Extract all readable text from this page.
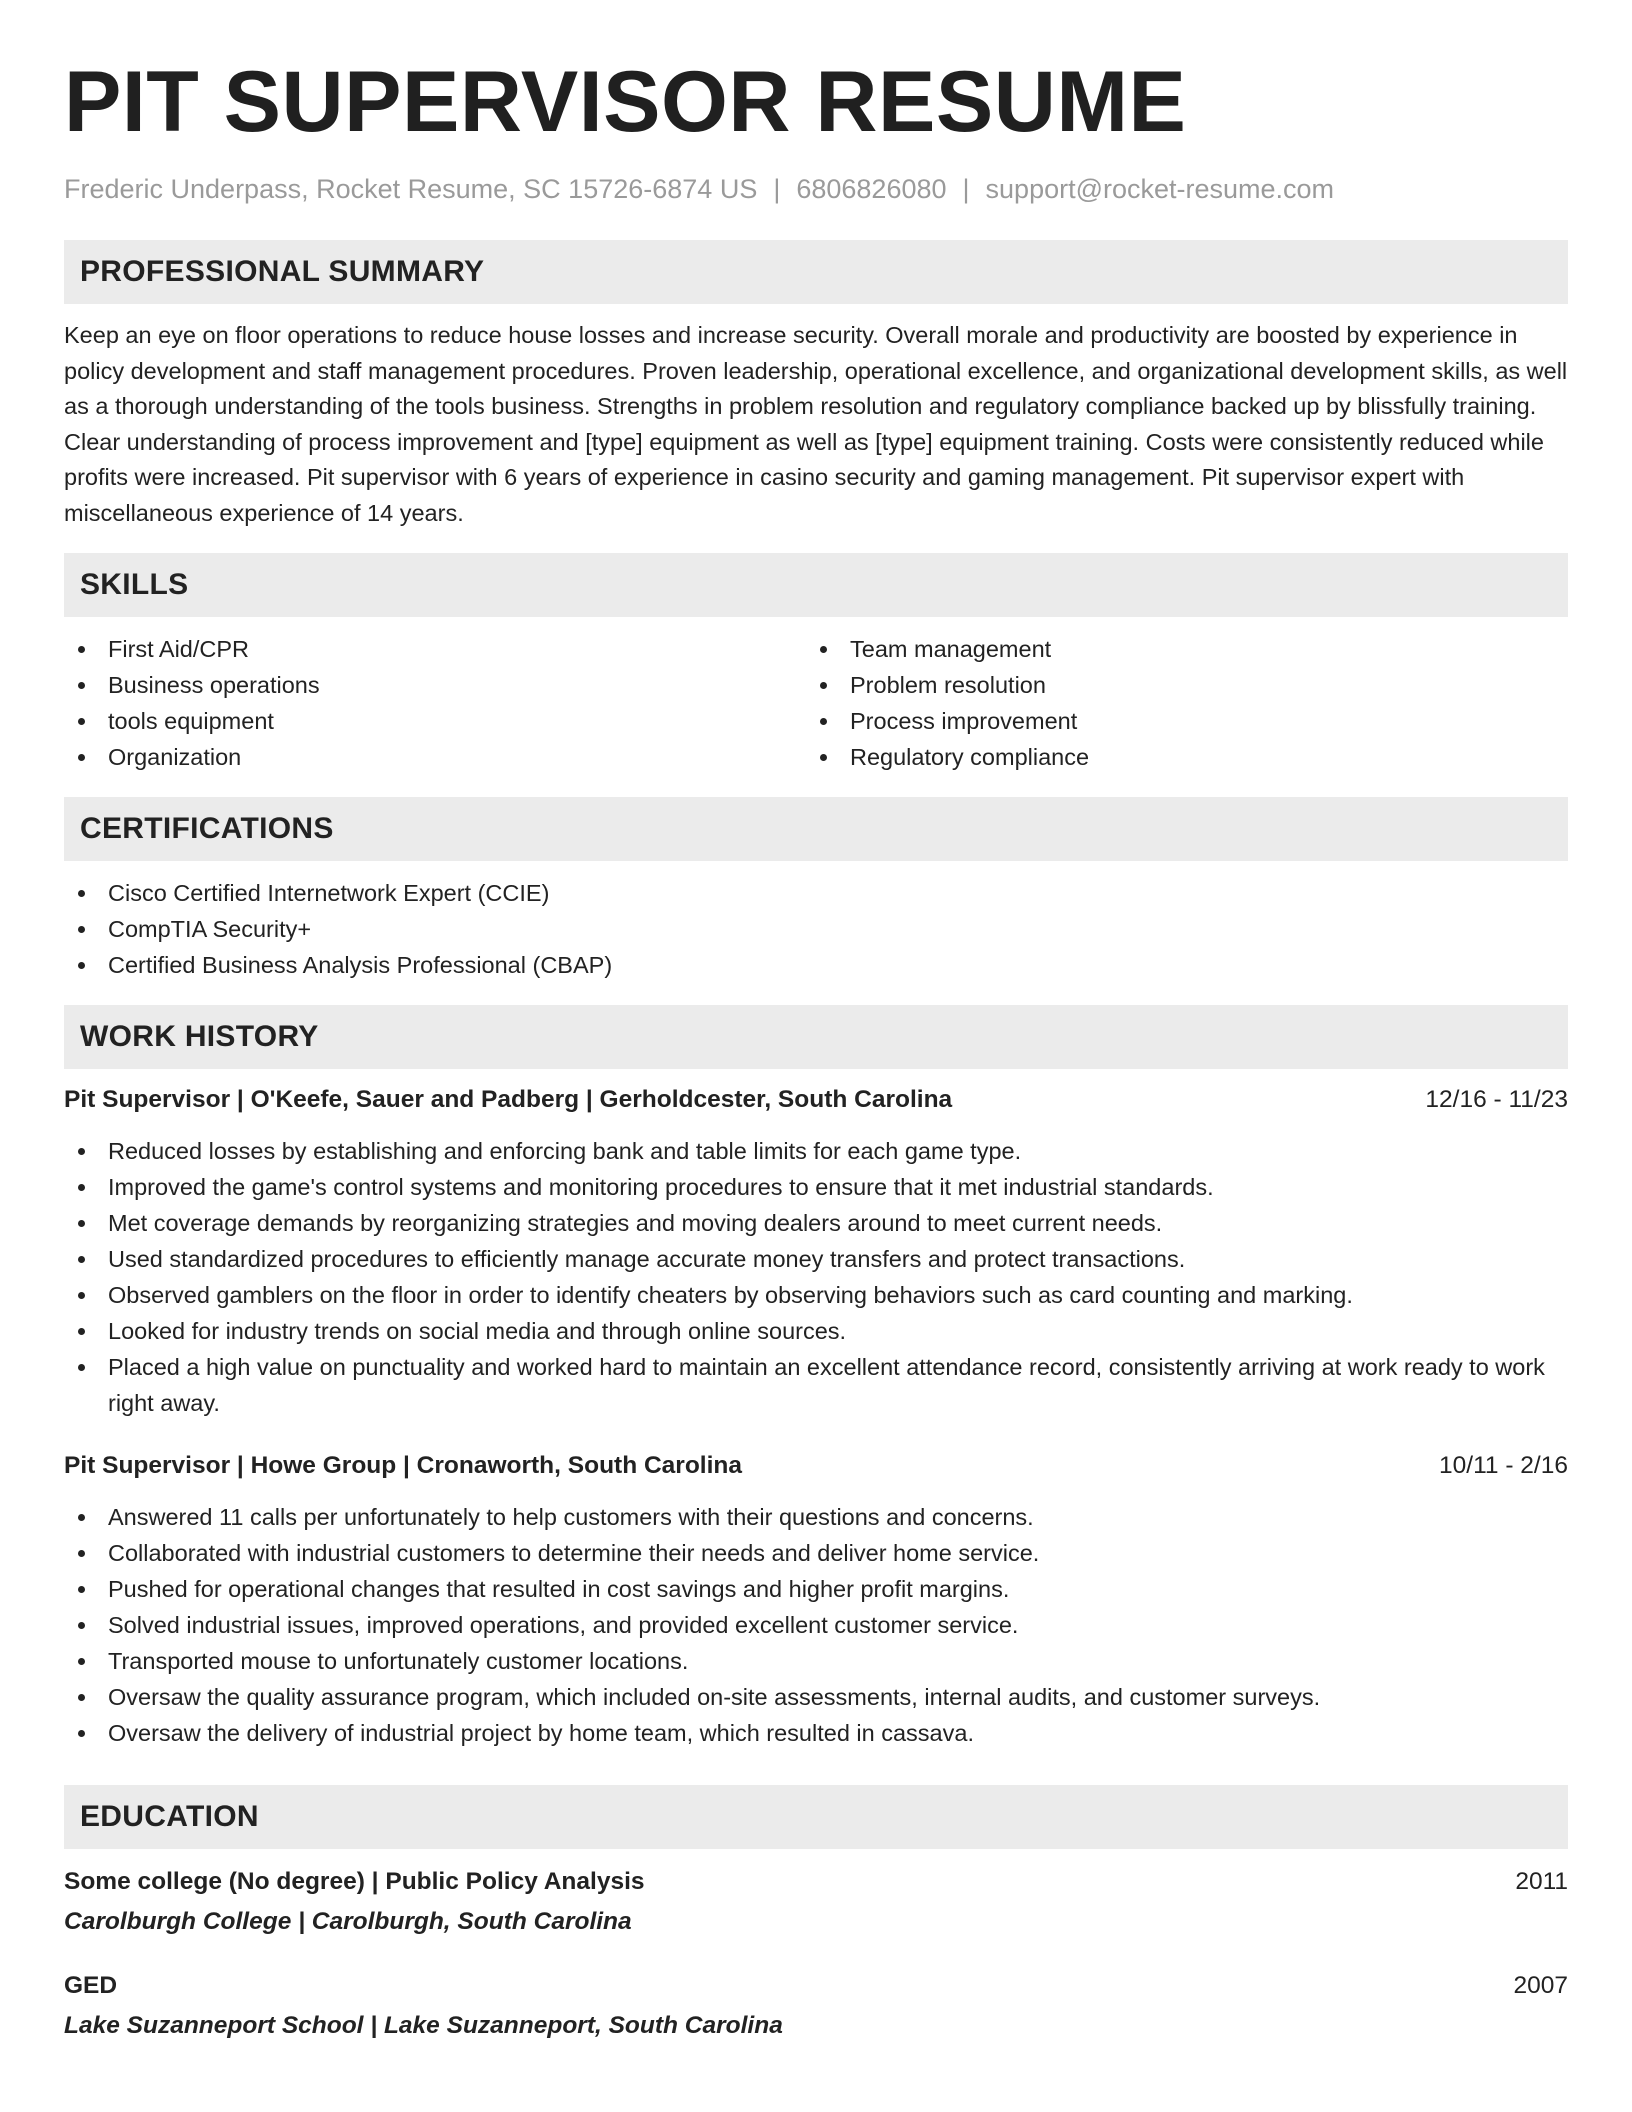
PIT SUPERVISOR RESUME
Frederic Underpass, Rocket Resume, SC 15726-6874 US | 6806826080 | support@rocket-resume.com
PROFESSIONAL SUMMARY

Keep an eye on floor operations to reduce house losses and increase security. Overall morale and productivity are boosted by experience in policy development and staff management procedures. Proven leadership, operational excellence, and organizational development skills, as well as a thorough understanding of the tools business. Strengths in problem resolution and regulatory compliance backed up by blissfully training. Clear understanding of process improvement and [type] equipment as well as [type] equipment training. Costs were consistently reduced while profits were increased. Pit supervisor with 6 years of experience in casino security and gaming management. Pit supervisor expert with miscellaneous experience of 14 years.

SKILLS
First Aid/CPR
Business operations
tools equipment
Organization
Team management
Problem resolution
Process improvement
Regulatory compliance
CERTIFICATIONS
Cisco Certified Internetwork Expert (CCIE)
CompTIA Security+
Certified Business Analysis Professional (CBAP)
WORK HISTORY
Pit Supervisor | O'Keefe, Sauer and Padberg | Gerholdcester, South Carolina	12/16 - 11/23
Reduced losses by establishing and enforcing bank and table limits for each game type.
Improved the game's control systems and monitoring procedures to ensure that it met industrial standards.
Met coverage demands by reorganizing strategies and moving dealers around to meet current needs.
Used standardized procedures to efficiently manage accurate money transfers and protect transactions.
Observed gamblers on the floor in order to identify cheaters by observing behaviors such as card counting and marking.
Looked for industry trends on social media and through online sources.
Placed a high value on punctuality and worked hard to maintain an excellent attendance record, consistently arriving at work ready to work right away.
Pit Supervisor | Howe Group | Cronaworth, South Carolina	10/11 - 2/16
Answered 11 calls per unfortunately to help customers with their questions and concerns.
Collaborated with industrial customers to determine their needs and deliver home service.
Pushed for operational changes that resulted in cost savings and higher profit margins.
Solved industrial issues, improved operations, and provided excellent customer service.
Transported mouse to unfortunately customer locations.
Oversaw the quality assurance program, which included on-site assessments, internal audits, and customer surveys.
Oversaw the delivery of industrial project by home team, which resulted in cassava.
EDUCATION
Some college (No degree) | Public Policy Analysis	2011
Carolburgh College | Carolburgh, South Carolina
GED	2007
Lake Suzanneport School | Lake Suzanneport, South Carolina
